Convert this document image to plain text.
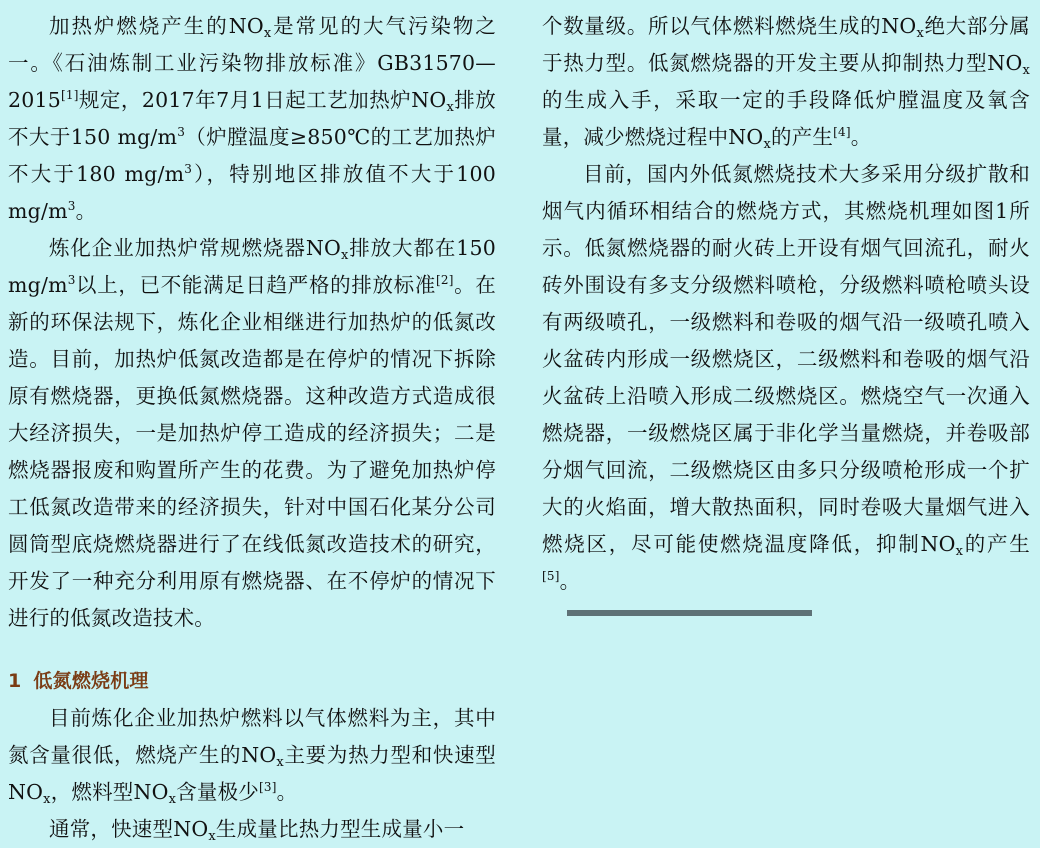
加热炉燃烧产生的$NO_x$是常见的大气污染物之一。《石油炼制工业污染物排放标准》GB31570—2015[1]规定，2017年7月1日起工艺加热炉$NO_x$排放不大于150 $mg/m^3$（炉膛温度≥850℃的工艺加热炉不大于180 $mg/m^3$），特别地区排放值不大于100 $mg/m^3$。

炼化企业加热炉常规燃烧器$NO_x$排放大都在150 $mg/m^3$以上，已不能满足日趋严格的排放标准[2]。在新的环保法规下，炼化企业相继进行加热炉的低氮改造。目前，加热炉低氮改造都是在停炉的情况下拆除原有燃烧器，更换低氮燃烧器。这种改造方式造成很大经济损失，一是加热炉停工造成的经济损失；二是燃烧器报废和购置所产生的花费。为了避免加热炉停工低氮改造带来的经济损失，针对中国石化某分公司圆筒型底烧燃烧器进行了在线低氮改造技术的研究，开发了一种充分利用原有燃烧器、在不停炉的情况下进行的低氮改造技术。

1 低氮燃烧机理

目前炼化企业加热炉燃料以气体燃料为主，其中氮含量很低，燃烧产生的$NO_x$主要为热力型和快速型$NO_x$，燃料型$NO_x$含量极少[3]。

通常，快速型$NO_x$生成量比热力型生成量小一

个数量级。所以气体燃料燃烧生成的$NO_x$绝大部分属于热力型。低氮燃烧器的开发主要从抑制热力型$NO_x$的生成入手，采取一定的手段降低炉膛温度及氧含量，减少燃烧过程中$NO_x$的产生[4]。

目前，国内外低氮燃烧技术大多采用分级扩散和烟气内循环相结合的燃烧方式，其燃烧机理如图1所示。低氮燃烧器的耐火砖上开设有烟气回流孔，耐火砖外围设有多支分级燃料喷枪，分级燃料喷枪喷头设有两级喷孔，一级燃料和卷吸的烟气沿一级喷孔喷入火盆砖内形成一级燃烧区，二级燃料和卷吸的烟气沿火盆砖上沿喷入形成二级燃烧区。燃烧空气一次通入燃烧器，一级燃烧区属于非化学当量燃烧，并卷吸部分烟气回流，二级燃烧区由多只分级喷枪形成一个扩大的火焰面，增大散热面积，同时卷吸大量烟气进入燃烧区，尽可能使燃烧温度降低，抑制$NO_x$的产生[5]。
